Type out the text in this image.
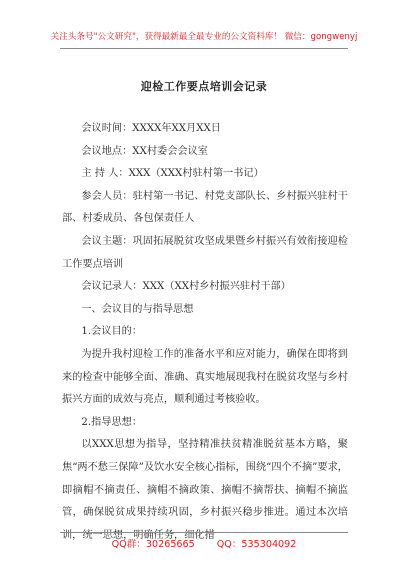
关注头条号"公文研究"，获得最新最全最专业的公文资料库！ 微信：gongwenyj
迎检工作要点培训会记录

会议时间：XXXX年XX月XX日

会议地点：XX村委会会议室

主 持 人：XXX（XXX村驻村第一书记）

参会人员：驻村第一书记、村党支部队长、乡村振兴驻村干部、村委成员、各包保责任人

会议主题：巩固拓展脱贫攻坚成果暨乡村振兴有效衔接迎检工作要点培训

会议记录人：XXX（XX村乡村振兴驻村干部）

一、会议目的与指导思想

1.会议目的：

为提升我村迎检工作的准备水平和应对能力，确保在即将到来的检查中能够全面、准确、真实地展现我村在脱贫攻坚与乡村振兴方面的成效与亮点，顺利通过考核验收。

2.指导思想：

以XXX思想为指导，坚持精准扶贫精准脱贫基本方略，聚焦“两不愁三保障”及饮水安全核心指标，围绕“四个不摘”要求，即摘帽不摘责任、摘帽不摘政策、摘帽不摘帮扶、摘帽不摘监管，确保脱贫成果持续巩固，乡村振兴稳步推进。通过本次培训，统一思想，明确任务，细化措

QQ群：30265665 QQ：535304092
